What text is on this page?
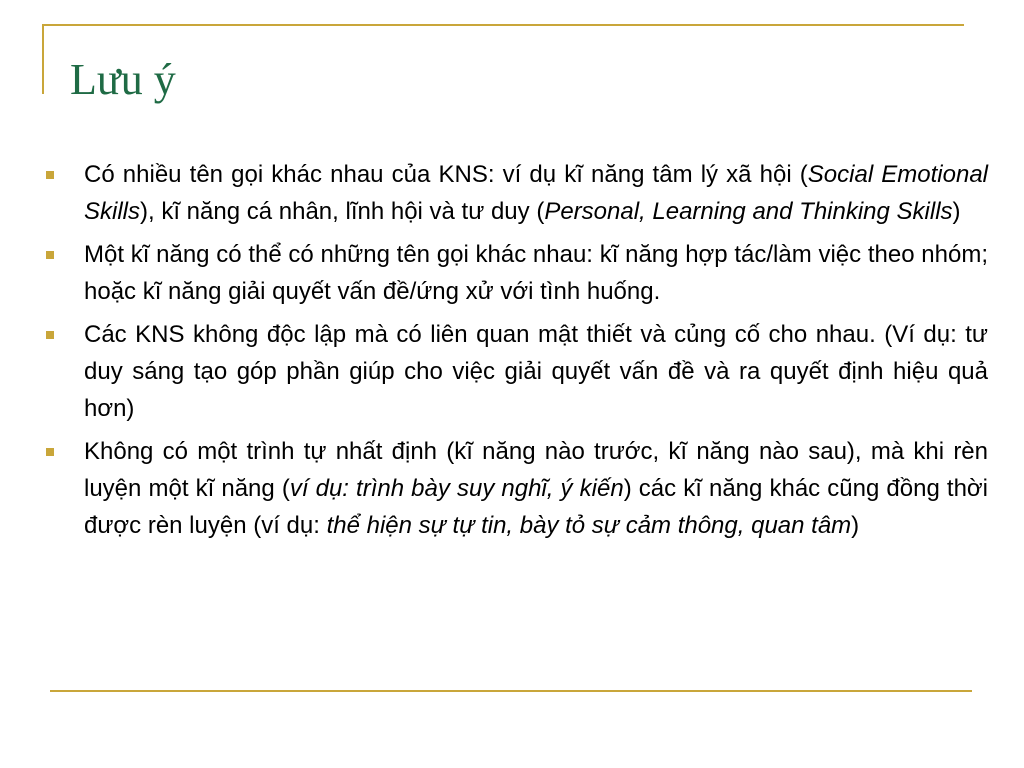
Lưu ý
Có nhiều tên gọi khác nhau của KNS: ví dụ kĩ năng tâm lý xã hội (Social Emotional Skills), kĩ năng cá nhân, lĩnh hội và tư duy (Personal, Learning and Thinking Skills)
Một kĩ năng có thể có những tên gọi khác nhau: kĩ năng hợp tác/làm việc theo nhóm; hoặc kĩ năng giải quyết vấn đề/ứng xử với tình huống.
Các KNS không độc lập mà có liên quan mật thiết và củng cố cho nhau. (Ví dụ: tư duy sáng tạo góp phần giúp cho việc giải quyết vấn đề và ra quyết định hiệu quả hơn)
Không có một trình tự nhất định (kĩ năng nào trước, kĩ năng nào sau), mà khi rèn luyện một kĩ năng (ví dụ: trình bày suy nghĩ, ý kiến) các kĩ năng khác cũng đồng thời được rèn luyện (ví dụ: thể hiện sự tự tin, bày tỏ sự cảm thông, quan tâm)
